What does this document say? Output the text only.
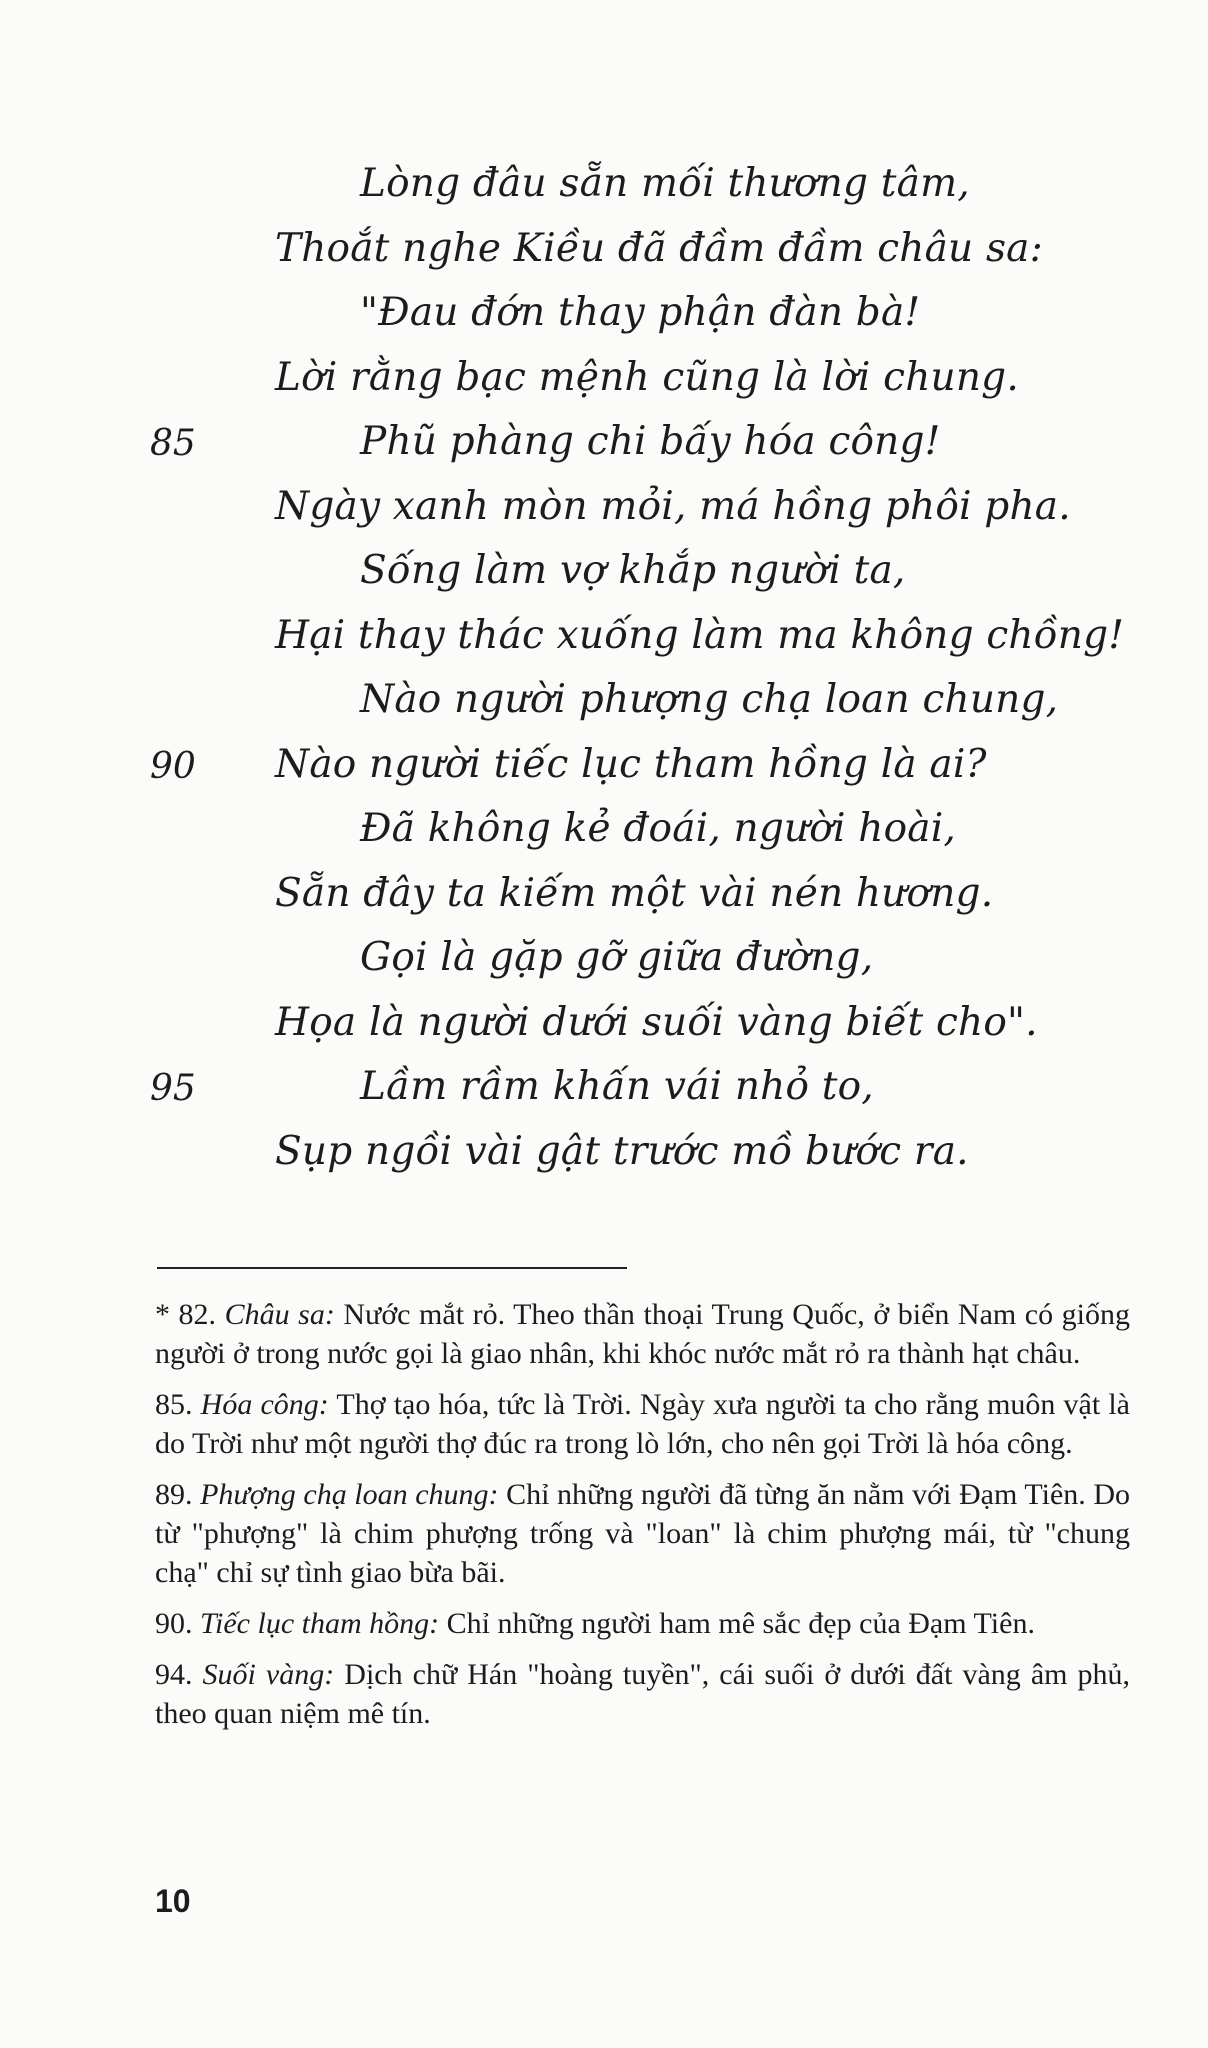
Lòng đâu sẵn mối thương tâm,
Thoắt nghe Kiều đã đầm đầm châu sa:
"Đau đớn thay phận đàn bà!
Lời rằng bạc mệnh cũng là lời chung.
Phũ phàng chi bấy hóa công!
85
Ngày xanh mòn mỏi, má hồng phôi pha.
Sống làm vợ khắp người ta,
Hại thay thác xuống làm ma không chồng!
Nào người phượng chạ loan chung,
Nào người tiếc lục tham hồng là ai?
90
Đã không kẻ đoái, người hoài,
Sẵn đây ta kiếm một vài nén hương.
Gọi là gặp gỡ giữa đường,
Họa là người dưới suối vàng biết cho".
Lầm rầm khấn vái nhỏ to,
95
Sụp ngồi vài gật trước mồ bước ra.
* 82. Châu sa: Nước mắt rỏ. Theo thần thoại Trung Quốc, ở biển Nam có giống người ở trong nước gọi là giao nhân, khi khóc nước mắt rỏ ra thành hạt châu.
85. Hóa công: Thợ tạo hóa, tức là Trời. Ngày xưa người ta cho rằng muôn vật là do Trời như một người thợ đúc ra trong lò lớn, cho nên gọi Trời là hóa công.
89. Phượng chạ loan chung: Chỉ những người đã từng ăn nằm với Đạm Tiên. Do từ "phượng" là chim phượng trống và "loan" là chim phượng mái, từ "chung chạ" chỉ sự tình giao bừa bãi.
90. Tiếc lục tham hồng: Chỉ những người ham mê sắc đẹp của Đạm Tiên.
94. Suối vàng: Dịch chữ Hán "hoàng tuyền", cái suối ở dưới đất vàng âm phủ, theo quan niệm mê tín.
10
